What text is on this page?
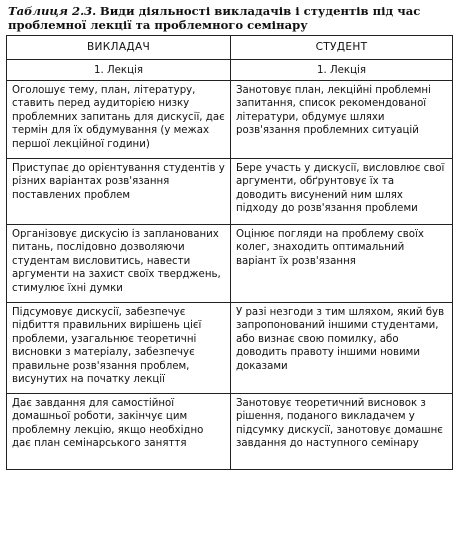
Таблиця 2.3. Види діяльності викладачів і студентів під час проблемної лекції та проблемного семінару
ВИКЛАДАЧ	СТУДЕНТ
1. Лекція	1. Лекція
Оголошує тему, план, літературу, ставить перед аудиторією низку проблемних запитань для дискусії, дає термін для їх обдумування (у межах першої лекційної години)	Занотовує план, лекційні проблемні запитання, список рекомендованої літератури, обдумує шляхи розв'язання проблемних ситуацій
Приступає до орієнтування студентів у різних варіантах розв'язання поставлених проблем	Бере участь у дискусії, висловлює свої аргументи, обґрунтовує їх та доводить висунений ним шлях підходу до розв'язання проблеми
Організовує дискусію із запланованих питань, послідовно дозволяючи студентам висловитись, навести аргументи на захист своїх тверджень, стимулює їхні думки	Оцінює погляди на проблему своїх колег, знаходить оптимальний варіант їх розв'язання
Підсумовує дискусії, забезпечує підбиття правильних вирішень цієї проблеми, узагальнює теоретичні висновки з матеріалу, забезпечує правильне розв'язання проблем, висунутих на початку лекції	У разі незгоди з тим шляхом, який був запропонований іншими студентами, або визнає свою помилку, або доводить правоту іншими новими доказами
Дає завдання для самостійної домашньої роботи, закінчує цим проблемну лекцію, якщо необхідно дає план семінарського заняття	Занотовує теоретичний висновок з рішення, поданого викладачем у підсумку дискусії, занотовує домашнє завдання до наступного семінару
